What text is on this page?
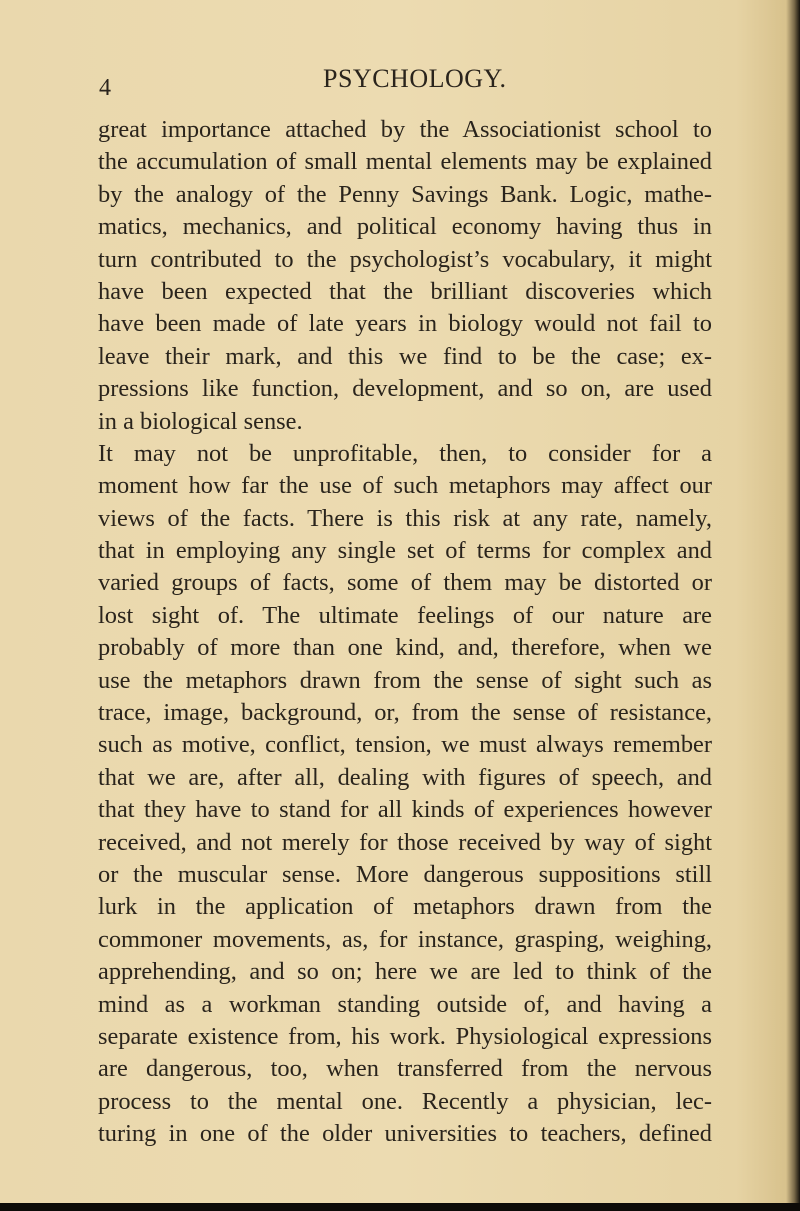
4	PSYCHOLOGY.
great importance attached by the Associationist school to
the accumulation of small mental elements may be explained
by the analogy of the Penny Savings Bank. Logic, mathe-
matics, mechanics, and political economy having thus in
turn contributed to the psychologist’s vocabulary, it might
have been expected that the brilliant discoveries which
have been made of late years in biology would not fail to
leave their mark, and this we find to be the case; ex-
pressions like function, development, and so on, are used
in a biological sense.
It may not be unprofitable, then, to consider for a
moment how far the use of such metaphors may affect our
views of the facts. There is this risk at any rate, namely,
that in employing any single set of terms for complex and
varied groups of facts, some of them may be distorted or
lost sight of. The ultimate feelings of our nature are
probably of more than one kind, and, therefore, when we
use the metaphors drawn from the sense of sight such as
trace, image, background, or, from the sense of resistance,
such as motive, conflict, tension, we must always remember
that we are, after all, dealing with figures of speech, and
that they have to stand for all kinds of experiences however
received, and not merely for those received by way of sight
or the muscular sense. More dangerous suppositions still
lurk in the application of metaphors drawn from the
commoner movements, as, for instance, grasping, weighing,
apprehending, and so on; here we are led to think of the
mind as a workman standing outside of, and having a
separate existence from, his work. Physiological expressions
are dangerous, too, when transferred from the nervous
process to the mental one. Recently a physician, lec-
turing in one of the older universities to teachers, defined
